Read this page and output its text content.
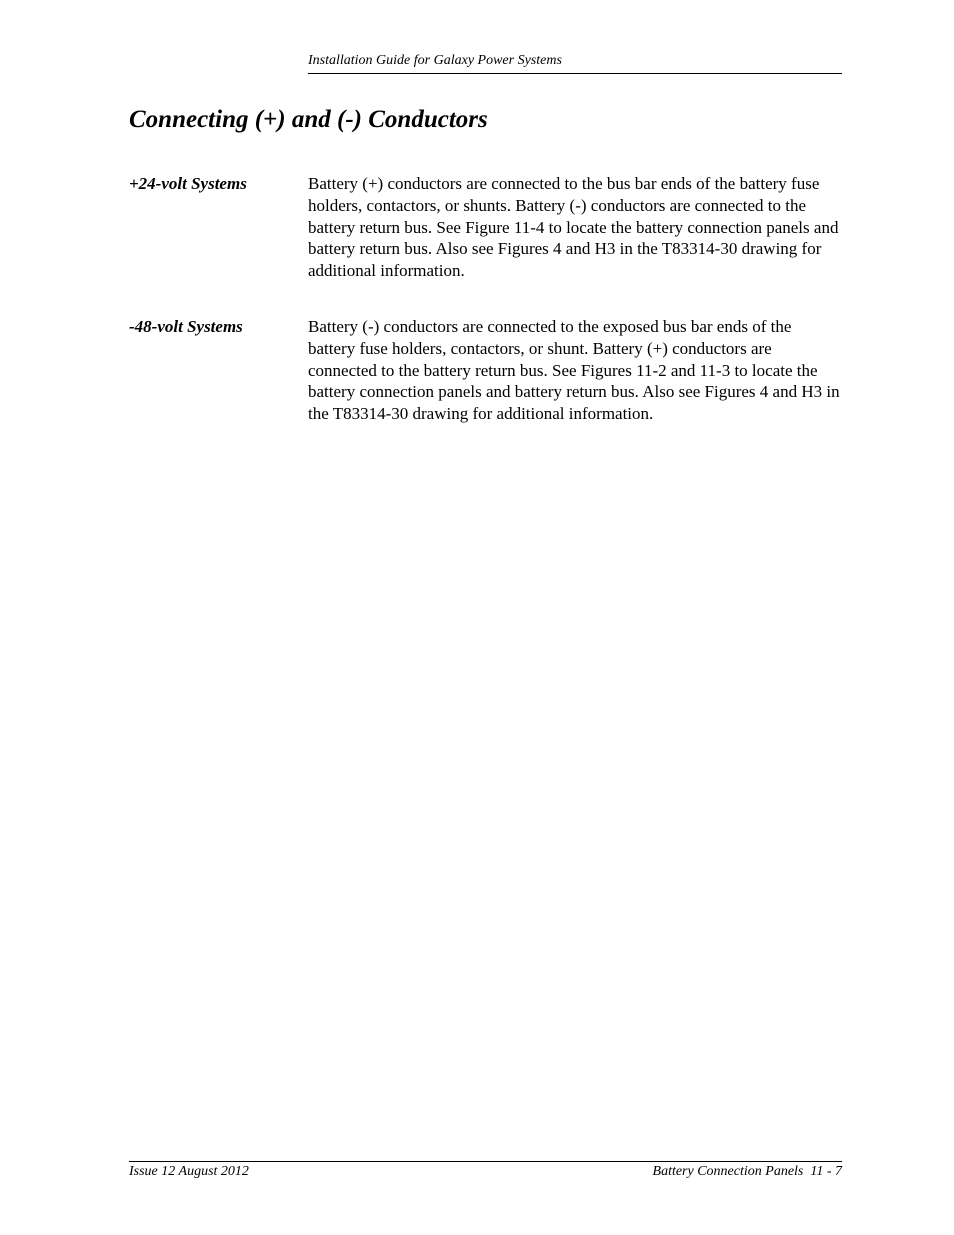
Installation Guide for Galaxy Power Systems
Connecting (+) and (-) Conductors
+24-volt Systems	Battery (+) conductors are connected to the bus bar ends of the battery fuse holders, contactors, or shunts. Battery (-) conductors are connected to the battery return bus. See Figure 11-4 to locate the battery connection panels and battery return bus. Also see Figures 4 and H3 in the T83314-30 drawing for additional information.

-48-volt Systems	Battery (-) conductors are connected to the exposed bus bar ends of the battery fuse holders, contactors, or shunt. Battery (+) conductors are connected to the battery return bus. See Figures 11-2 and 11-3 to locate the battery connection panels and battery return bus. Also see Figures 4 and H3 in the T83314-30 drawing for additional information.

Issue 12 August 2012	Battery Connection Panels  11 - 7
